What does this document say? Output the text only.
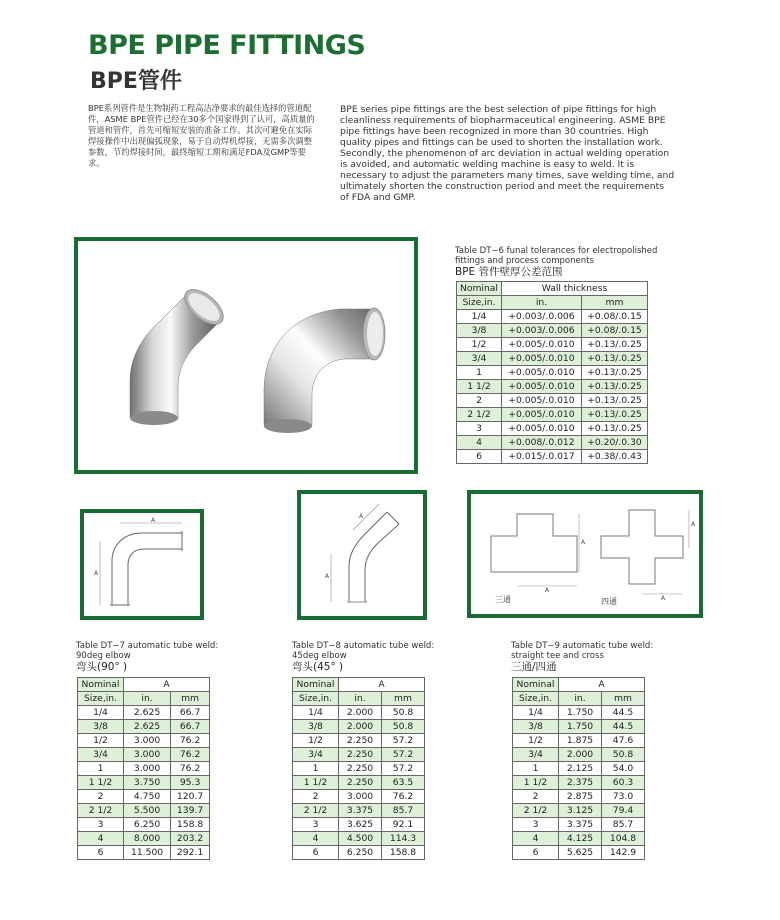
BPE PIPE FITTINGS
BPE管件
BPE系列管件是生物制药工程高洁净要求的最佳选择的管道配件，ASME BPE管件已经在30多个国家得到了认可，高质量的管道和管件，首先可缩短安装的准备工作。其次可避免在实际焊接操作中出现偏弧现象，易于自动焊机焊接，无需多次调整参数，节约焊接时间，最终缩短工期和满足FDA及GMP等要求。
BPE series pipe fittings are the best selection of pipe fittings for high cleanliness requirements of biopharmaceutical engineering. ASME BPE pipe fittings have been recognized in more than 30 countries. High quality pipes and fittings can be used to shorten the installation work. Secondly, the phenomenon of arc deviation in actual welding operation is avoided, and automatic welding machine is easy to weld. It is necessary to adjust the parameters many times, save welding time, and ultimately shorten the construction period and meet the requirements of FDA and GMP.
Table DT−6 funal tolerances for electropolished
fittings and process components
BPE 管件壁厚公差范围
Nominal	Wall thickness	
Size,in.	in.	mm
1/4	+0.003/.0.006	+0.08/.0.15
3/8	+0.003/.0.006	+0.08/.0.15
1/2	+0.005/.0.010	+0.13/.0.25
3/4	+0.005/.0.010	+0.13/.0.25
1	+0.005/.0.010	+0.13/.0.25
1 1/2	+0.005/.0.010	+0.13/.0.25
2	+0.005/.0.010	+0.13/.0.25
2 1/2	+0.005/.0.010	+0.13/.0.25
3	+0.005/.0.010	+0.13/.0.25
4	+0.008/.0.012	+0.20/.0.30
6	+0.015/.0.017	+0.38/.0.43
A
A
A
A
A
A
三通
A
A
四通
Table DT−7 automatic tube weld:
90deg elbow
弯头(90° )
Nominal	A	
Size,in.	in.	mm
1/4	2.625	66.7
3/8	2.625	66.7
1/2	3.000	76.2
3/4	3.000	76.2
1	3.000	76.2
1 1/2	3.750	95.3
2	4.750	120.7
2 1/2	5.500	139.7
3	6.250	158.8
4	8.000	203.2
6	11.500	292.1
Table DT−8 automatic tube weld:
45deg elbow
弯头(45° )
Nominal	A	
Size,in.	in.	mm
1/4	2.000	50.8
3/8	2.000	50.8
1/2	2.250	57.2
3/4	2.250	57.2
1	2.250	57.2
1 1/2	2.250	63.5
2	3.000	76.2
2 1/2	3.375	85.7
3	3.625	92.1
4	4.500	114.3
6	6.250	158.8
Table DT−9 automatic tube weld:
straight tee and cross
三通/四通
Nominal	A	
Size,in.	in.	mm
1/4	1.750	44.5
3/8	1.750	44.5
1/2	1.875	47.6
3/4	2.000	50.8
1	2.125	54.0
1 1/2	2.375	60.3
2	2.875	73.0
2 1/2	3.125	79.4
3	3.375	85.7
4	4.125	104.8
6	5.625	142.9
